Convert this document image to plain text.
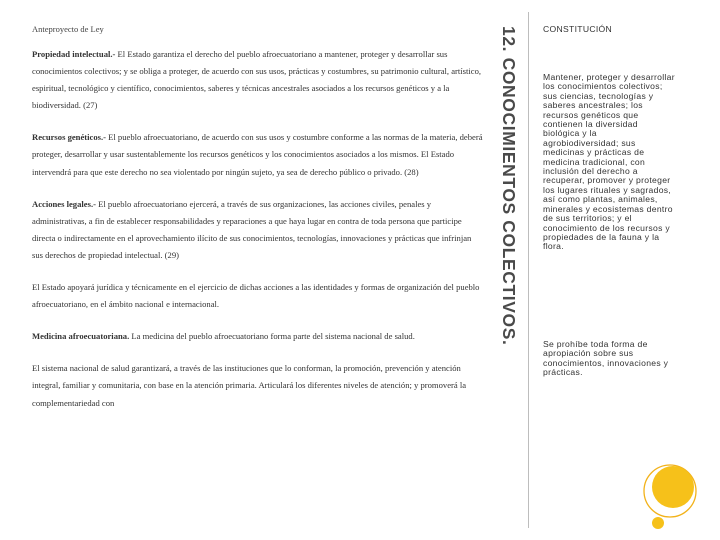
Anteproyecto de Ley

Propiedad intelectual.- El Estado garantiza el derecho del pueblo afroecuatoriano a mantener, proteger y desarrollar sus conocimientos colectivos; y se obliga a proteger, de acuerdo con sus usos, prácticas y costumbres, su patrimonio cultural, artístico, espiritual, tecnológico y científico, conocimientos, saberes y técnicas ancestrales asociados a los recursos genéticos y a la biodiversidad. (27)

Recursos genéticos.- El pueblo afroecuatoriano, de acuerdo con sus usos y costumbre conforme a las normas de la materia, deberá proteger, desarrollar y usar sustentablemente los recursos genéticos y los conocimientos asociados a los mismos. El Estado intervendrá para que este derecho no sea violentado por ningún sujeto, ya sea de derecho público o privado. (28)

Acciones legales.- El pueblo afroecuatoriano ejercerá, a través de sus organizaciones, las acciones civiles, penales y administrativas, a fin de establecer responsabilidades y reparaciones a que haya lugar en contra de toda persona que participe directa o indirectamente en el aprovechamiento ilícito de sus conocimientos, tecnologías, innovaciones y prácticas que infrinjan sus derechos de propiedad intelectual. (29)

El Estado apoyará jurídica y técnicamente en el ejercicio de dichas acciones a las identidades y formas de organización del pueblo afroecuatoriano, en el ámbito nacional e internacional.

Medicina afroecuatoriana. La medicina del pueblo afroecuatoriano forma parte del sistema nacional de salud.

El sistema nacional de salud garantizará, a través de las instituciones que lo conforman, la promoción, prevención y atención integral, familiar y comunitaria, con base en la atención primaria. Articulará los diferentes niveles de atención; y promoverá la complementariedad con

12. CONOCIMIENTOS COLECTIVOS.	CONSTITUCIÓN
Mantener, proteger y desarrollar los conocimientos colectivos; sus ciencias, tecnologías y saberes ancestrales; los recursos genéticos que contienen la diversidad biológica y la agrobiodiversidad; sus medicinas y prácticas de medicina tradicional, con inclusión del derecho a recuperar, promover y proteger los lugares rituales y sagrados, así como plantas, animales, minerales y ecosistemas dentro de sus territorios; y el conocimiento de los recursos y propiedades de la fauna y la flora.
Se prohíbe toda forma de apropiación sobre sus conocimientos, innovaciones y prácticas.
